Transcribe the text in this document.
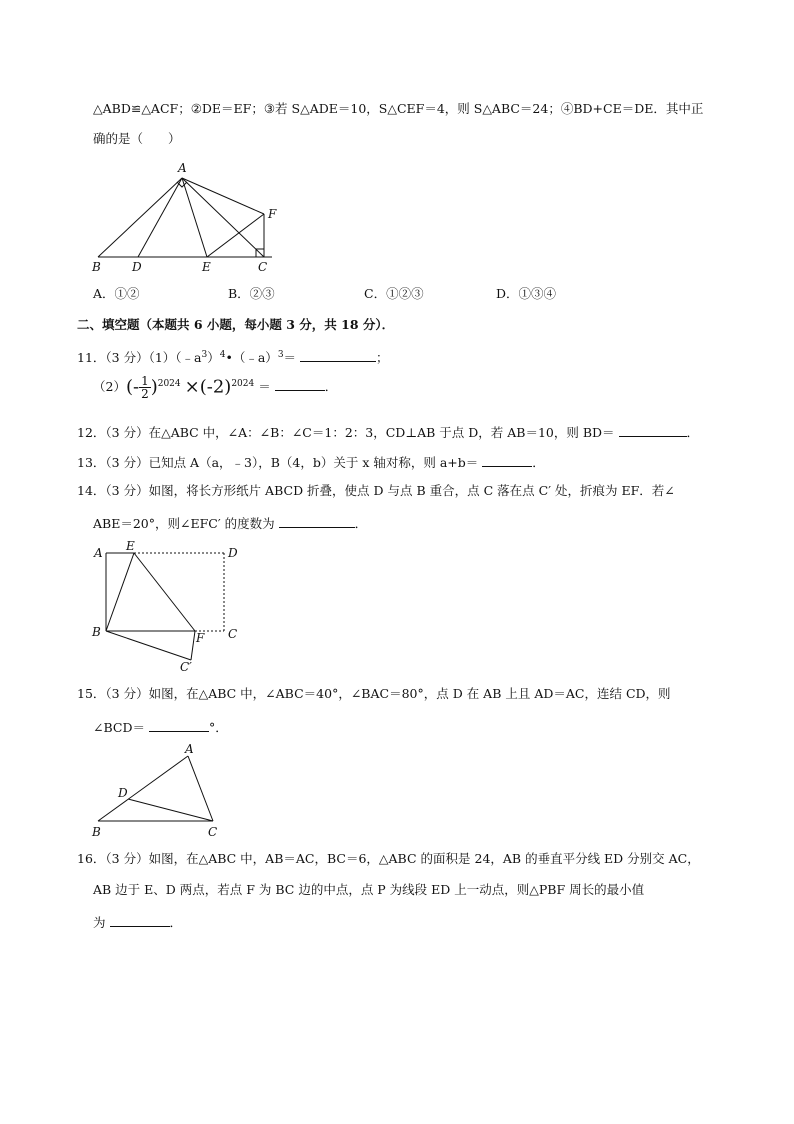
△ABD≌△ACF；②DE＝EF；③若 S△ADE＝10，S△CEF＝4，则 S△ABC＝24；④BD+CE＝DE．其中正
确的是（　　）
A
B	D	E	C
F
A．①②	B．②③	C．①②③	D．①③④
二、填空题（本题共 6 小题，每小题 3 分，共 18 分）．
11．（3 分）$(1)(﹣a^3)^4•(﹣a)^3=$	；
$(2)(- \frac{1}{2} )^{2024} \times(-2)^{2024}$ ＝	．
12．（3 分）在△ABC 中，∠A：∠B：∠C＝1：2：3，CD⊥AB 于点 D，若 AB＝10，则 BD＝	．
13．（3 分）已知点 A（a，﹣3），B（4，b）关于 x 轴对称，则 a+b＝	．
14．（3 分）如图，将长方形纸片 ABCD 折叠，使点 D 与点 B 重合，点 C 落在点 C′ 处，折痕为 EF．若∠
ABE＝20°，则∠EFC′ 的度数为	．
A E	D
B	F C
C′
15．（3 分）如图，在△ABC 中，∠ABC＝40°，∠BAC＝80°，点 D 在 AB 上且 AD＝AC，连结 CD，则
∠BCD＝	°．
A
D
B	C
16．（3 分）如图，在△ABC 中，AB＝AC，BC＝6，△ABC 的面积是 24，AB 的垂直平分线 ED 分别交 AC，
AB 边于 E、D 两点，若点 F 为 BC 边的中点，点 P 为线段 ED 上一动点，则△PBF 周长的最小值
为	．
